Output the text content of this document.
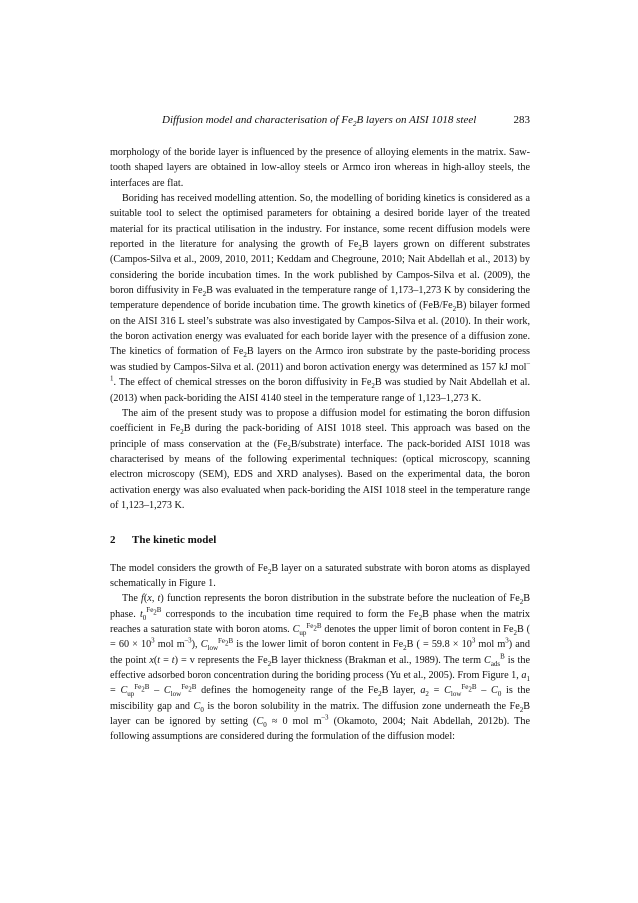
Diffusion model and characterisation of $Fe_2B$ layers on AISI 1018 steel	283

morphology of the boride layer is influenced by the presence of alloying elements in the matrix. Saw-tooth shaped layers are obtained in low-alloy steels or Armco iron whereas in high-alloy steels, the interfaces are flat.

Boriding has received modelling attention. So, the modelling of boriding kinetics is considered as a suitable tool to select the optimised parameters for obtaining a desired boride layer of the treated material for its practical utilisation in the industry. For instance, some recent diffusion models were reported in the literature for analysing the growth of $Fe_2B$ layers grown on different substrates (Campos-Silva et al., 2009, 2010, 2011; Keddam and Chegroune, 2010; Nait Abdellah et al., 2013) by considering the boride incubation times. In the work published by Campos-Silva et al. (2009), the boron diffusivity in $Fe_2B$ was evaluated in the temperature range of 1,173–1,273 K by considering the temperature dependence of boride incubation time. The growth kinetics of $(FeB/Fe_2B)$ bilayer formed on the AISI 316 L steel’s substrate was also investigated by Campos-Silva et al. (2010). In their work, the boron activation energy was evaluated for each boride layer with the presence of a diffusion zone. The kinetics of formation of $Fe_2B$ layers on the Armco iron substrate by the paste-boriding process was studied by Campos-Silva et al. (2011) and boron activation energy was determined as 157 kJ mol$^{-1}$. The effect of chemical stresses on the boron diffusivity in $Fe_2B$ was studied by Nait Abdellah et al. (2013) when pack-boriding the AISI 4140 steel in the temperature range of 1,123–1,273 K.

The aim of the present study was to propose a diffusion model for estimating the boron diffusion coefficient in $Fe_2B$ during the pack-boriding of AISI 1018 steel. This approach was based on the principle of mass conservation at the $(Fe_2B/substrate)$ interface. The pack-borided AISI 1018 was characterised by means of the following experimental techniques: (optical microscopy, scanning electron microscopy (SEM), EDS and XRD analyses). Based on the experimental data, the boron activation energy was also evaluated when pack-boriding the AISI 1018 steel in the temperature range of 1,123–1,273 K.

2 The kinetic model

The model considers the growth of $Fe_2B$ layer on a saturated substrate with boron atoms as displayed schematically in Figure 1.

The f(x, t) function represents the boron distribution in the substrate before the nucleation of $Fe_2B$ phase. $t_0^{Fe_2B}$ corresponds to the incubation time required to form the $Fe_2B$ phase when the matrix reaches a saturation state with boron atoms. $C_{up}^{Fe_2B}$ denotes the upper limit of boron content in $Fe_2B$ ( = $60 \times 10^3$ mol $m^{-3}$), $C_{low}^{Fe_2B}$ is the lower limit of boron content in $Fe_2B$ ( = $59.8 \times 10^3$ mol $m^3$) and the point x(t = t) = v represents the $Fe_2B$ layer thickness (Brakman et al., 1989). The term $C_{ads}^B$ is the effective adsorbed boron concentration during the boriding process (Yu et al., 2005). From Figure 1, $a_1 = C_{up}^{Fe_2B} - C_{low}^{Fe_2B}$ defines the homogeneity range of the $Fe_2B$ layer, $a_2 = C_{low}^{Fe_2B} - C_0$ is the miscibility gap and $C_0$ is the boron solubility in the matrix. The diffusion zone underneath the $Fe_2B$ layer can be ignored by setting ($C_0 \approx 0$ mol $m^{-3}$ (Okamoto, 2004; Nait Abdellah, 2012b). The following assumptions are considered during the formulation of the diffusion model:
